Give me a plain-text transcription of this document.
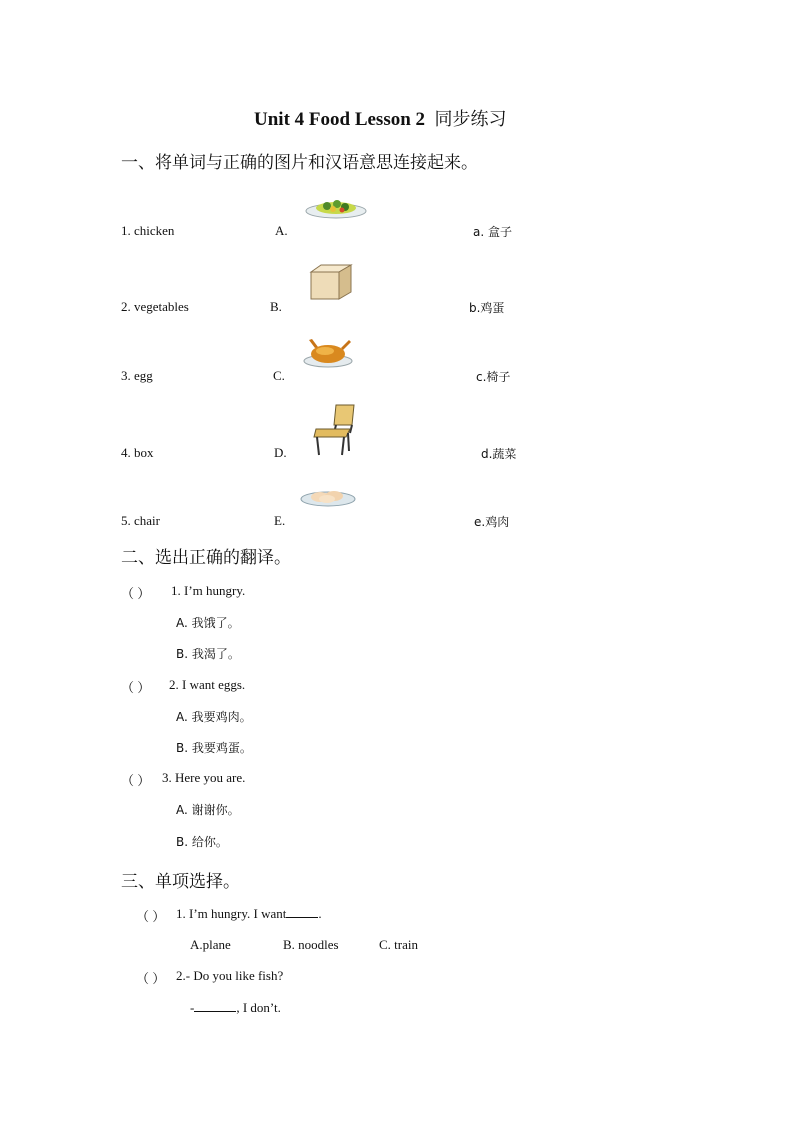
Unit 4 Food Lesson 2 同步练习
一、将单词与正确的图片和汉语意思连接起来。
1. chicken	A.	a. 盒子
2. vegetables	B.	b.鸡蛋
3. egg	C.	c.椅子
4. box	D.	d.蔬菜
5. chair	E.	e.鸡肉
二、选出正确的翻译。
（ ） 1. I’m hungry.
A. 我饿了。
B. 我渴了。
（ ） 2. I want eggs.
A. 我要鸡肉。
B. 我要鸡蛋。
（ ） 3. Here you are.
A. 谢谢你。
B. 给你。
三、单项选择。
（ ） 1. I’m hungry. I want .
A.plane	B. noodles	C. train
（ ） 2.- Do you like fish?
-	, I don’t.
